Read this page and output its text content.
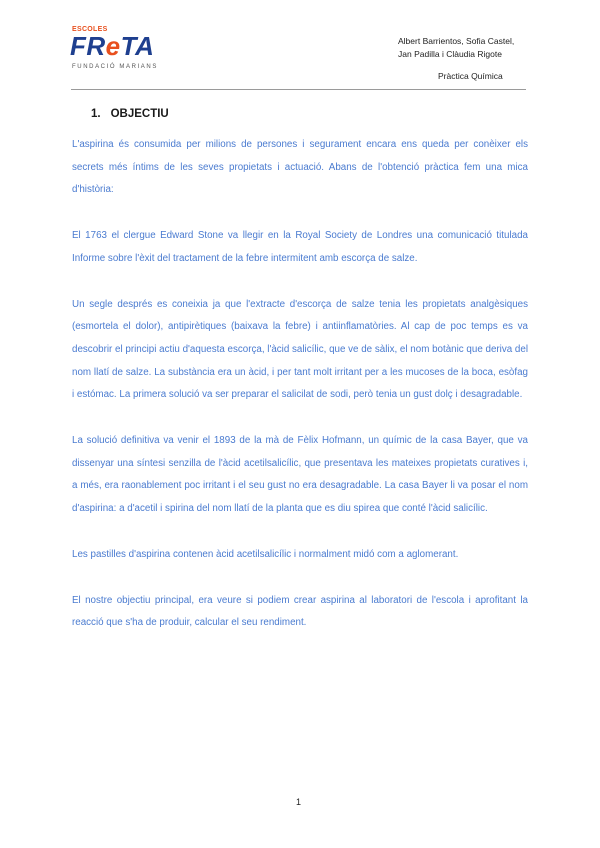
ESCOLES
FReTA
FUNDACIÓ MARIANS
Albert Barrientos, Sofia Castel,
Jan Padilla i Clàudia Rigote
Pràctica Química
1. OBJECTIU

L'aspirina és consumida per milions de persones i segurament encara ens queda per conèixer els secrets més íntims de les seves propietats i actuació. Abans de l'obtenció pràctica fem una mica d'història:

El 1763 el clergue Edward Stone va llegir en la Royal Society de Londres una comunicació titulada Informe sobre l'èxit del tractament de la febre intermitent amb escorça de salze.

Un segle després es coneixia ja que l'extracte d'escorça de salze tenia les propietats analgèsiques (esmortela el dolor), antipirètiques (baixava la febre) i antiinflamatòries. Al cap de poc temps es va descobrir el principi actiu d'aquesta escorça, l'àcid salicílic, que ve de sàlix, el nom botànic que deriva del nom llatí de salze. La substància era un àcid, i per tant molt irritant per a les mucoses de la boca, esòfag i estómac. La primera solució va ser preparar el salicilat de sodi, però tenia un gust dolç i desagradable.

La solució definitiva va venir el 1893 de la mà de Fèlix Hofmann, un químic de la casa Bayer, que va dissenyar una síntesi senzilla de l'àcid acetilsalicílic, que presentava les mateixes propietats curatives i, a més, era raonablement poc irritant i el seu gust no era desagradable. La casa Bayer li va posar el nom d'aspirina: a d'acetil i spirina del nom llatí de la planta que es diu spirea que conté l'àcid salicílic.

Les pastilles d'aspirina contenen àcid acetilsalicílic i normalment midó com a aglomerant.

El nostre objectiu principal, era veure si podiem crear aspirina al laboratori de l'escola i aprofitant la reacció que s'ha de produir, calcular el seu rendiment.

1
